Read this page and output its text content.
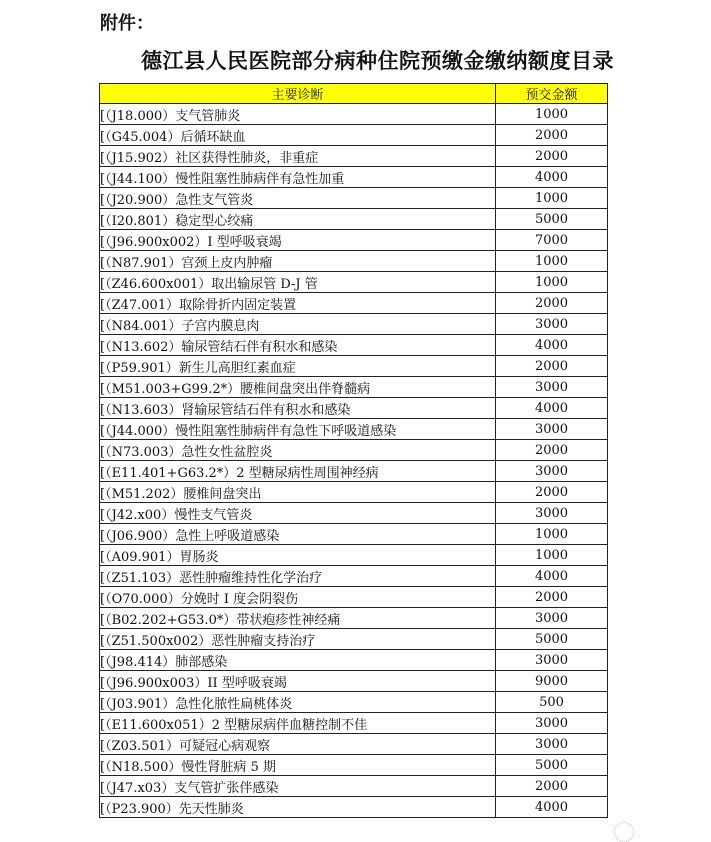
附件：
德江县人民医院部分病种住院预缴金缴纳额度目录
主要诊断	预交金额
[（J18.000）支气管肺炎	1000
[（G45.004）后循环缺血	2000
[（J15.902）社区获得性肺炎，非重症	2000
[（J44.100）慢性阻塞性肺病伴有急性加重	4000
[（J20.900）急性支气管炎	1000
[（I20.801）稳定型心绞痛	5000
[（J96.900x002）I 型呼吸衰竭	7000
[（N87.901）宫颈上皮内肿瘤	1000
[（Z46.600x001）取出输尿管 D-J 管	1000
[（Z47.001）取除骨折内固定装置	2000
[（N84.001）子宫内膜息肉	3000
[（N13.602）输尿管结石伴有积水和感染	4000
[（P59.901）新生儿高胆红素血症	2000
[（M51.003+G99.2*）腰椎间盘突出伴脊髓病	3000
[（N13.603）肾输尿管结石伴有积水和感染	4000
[（J44.000）慢性阻塞性肺病伴有急性下呼吸道感染	3000
[（N73.003）急性女性盆腔炎	2000
[（E11.401+G63.2*）2 型糖尿病性周围神经病	3000
[（M51.202）腰椎间盘突出	2000
[（J42.x00）慢性支气管炎	3000
[（J06.900）急性上呼吸道感染	1000
[（A09.901）胃肠炎	1000
[（Z51.103）恶性肿瘤维持性化学治疗	4000
[（O70.000）分娩时 I 度会阴裂伤	2000
[（B02.202+G53.0*）带状疱疹性神经痛	3000
[（Z51.500x002）恶性肿瘤支持治疗	5000
[（J98.414）肺部感染	3000
[（J96.900x003）II 型呼吸衰竭	9000
[（J03.901）急性化脓性扁桃体炎	500
[（E11.600x051）2 型糖尿病伴血糖控制不佳	3000
[（Z03.501）可疑冠心病观察	3000
[（N18.500）慢性肾脏病 5 期	5000
[（J47.x03）支气管扩张伴感染	2000
[（P23.900）先天性肺炎	4000
